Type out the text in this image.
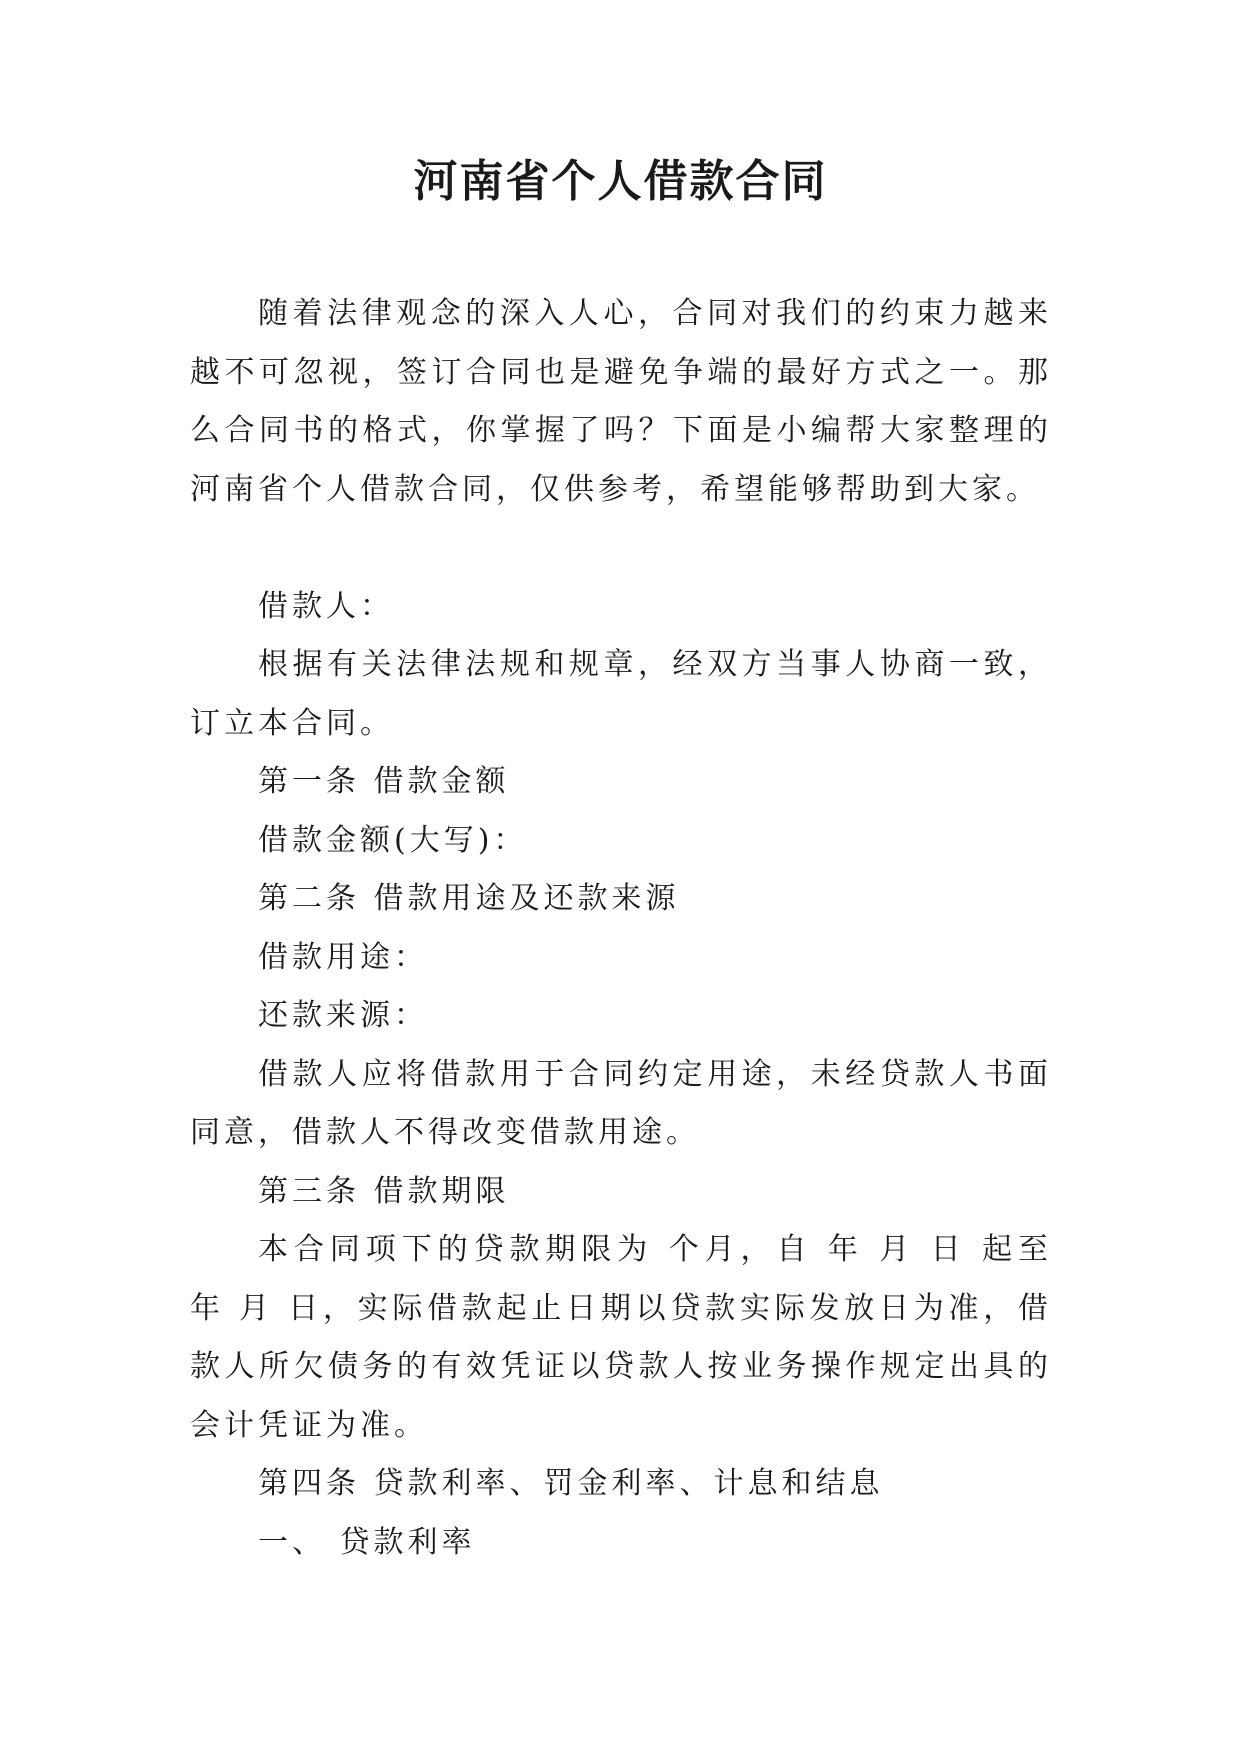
河南省个人借款合同

随着法律观念的深入人心，合同对我们的约束力越来越不可忽视，签订合同也是避免争端的最好方式之一。那么合同书的格式，你掌握了吗？下面是小编帮大家整理的河南省个人借款合同，仅供参考，希望能够帮助到大家。

借款人：

根据有关法律法规和规章，经双方当事人协商一致，订立本合同。

第一条 借款金额

借款金额(大写)：

第二条 借款用途及还款来源

借款用途：

还款来源：

借款人应将借款用于合同约定用途，未经贷款人书面同意，借款人不得改变借款用途。

第三条 借款期限

本合同项下的贷款期限为 个月，自 年 月 日 起至 年 月 日，实际借款起止日期以贷款实际发放日为准，借款人所欠债务的有效凭证以贷款人按业务操作规定出具的会计凭证为准。

第四条 贷款利率、罚金利率、计息和结息

一、 贷款利率
